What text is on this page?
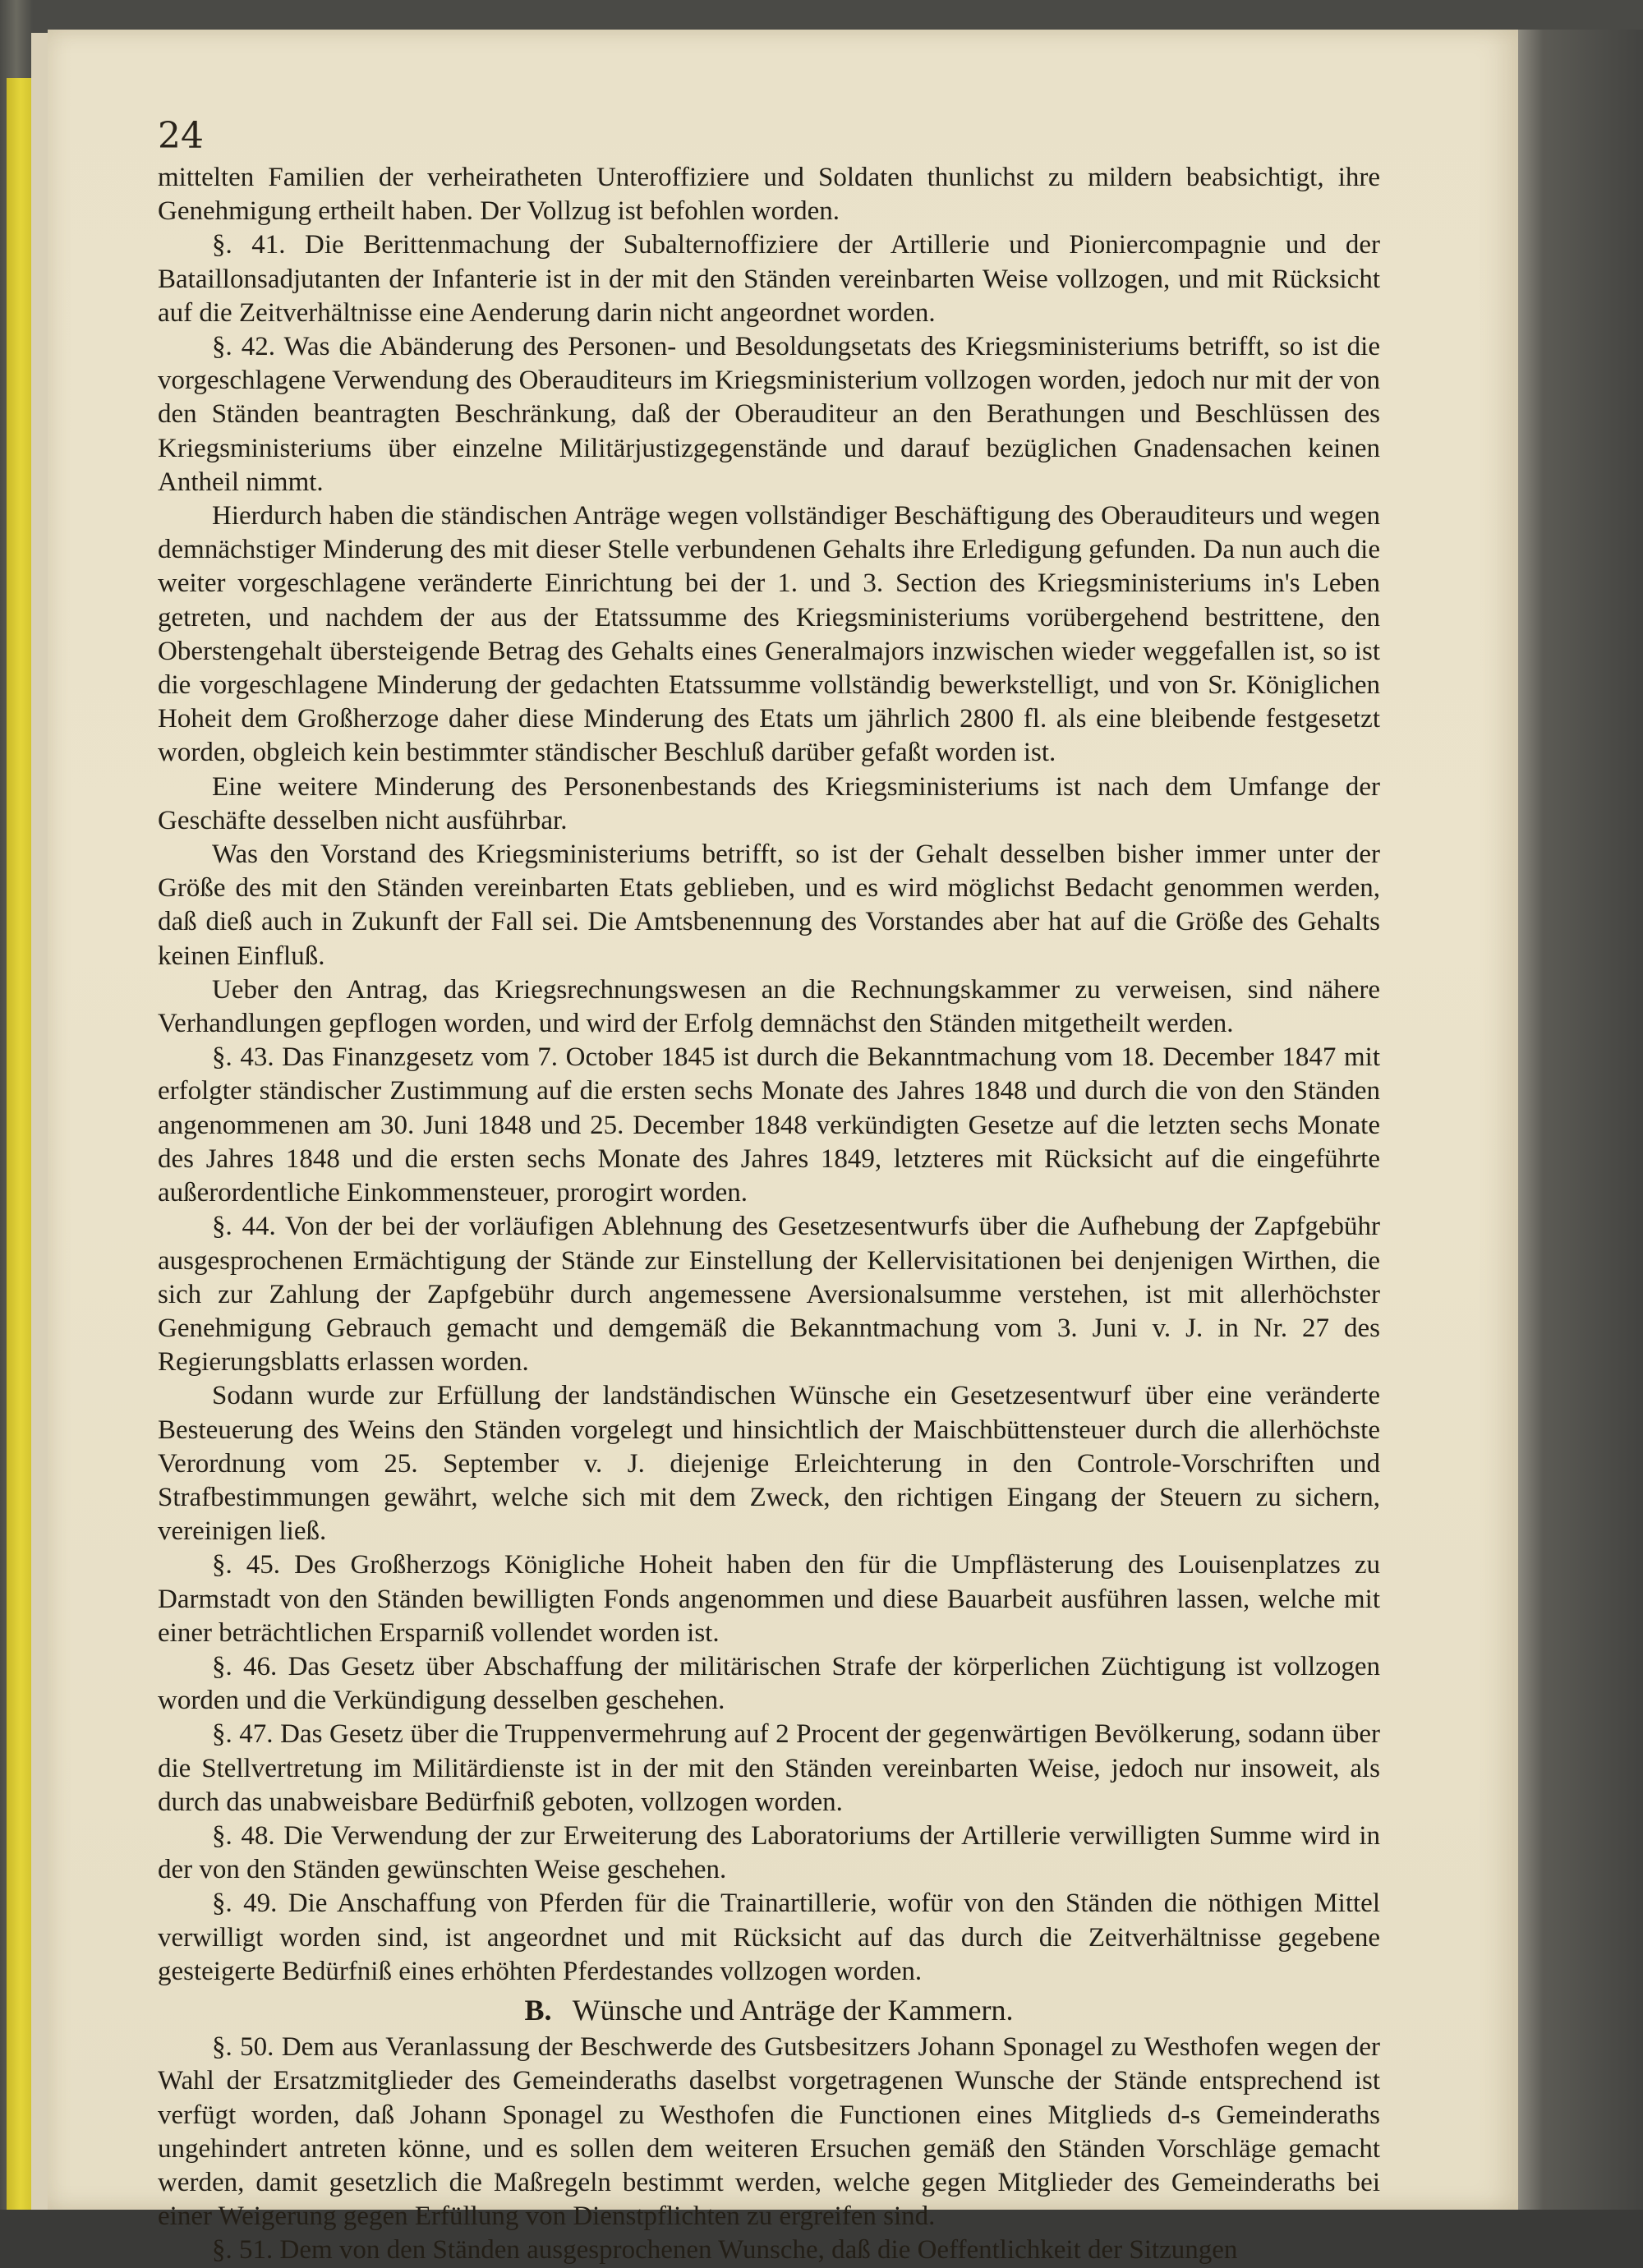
24

mittelten Familien der verheiratheten Unteroffiziere und Soldaten thunlichst zu mildern beabsichtigt, ihre Genehmigung ertheilt haben. Der Vollzug ist befohlen worden.

§. 41. Die Berittenmachung der Subalternoffiziere der Artillerie und Pioniercompagnie und der Bataillonsadjutanten der Infanterie ist in der mit den Ständen vereinbarten Weise vollzogen, und mit Rücksicht auf die Zeitverhältnisse eine Aenderung darin nicht angeordnet worden.

§. 42. Was die Abänderung des Personen- und Besoldungsetats des Kriegsministeriums betrifft, so ist die vorgeschlagene Verwendung des Oberauditeurs im Kriegsministerium vollzogen worden, jedoch nur mit der von den Ständen beantragten Beschränkung, daß der Oberauditeur an den Berathungen und Beschlüssen des Kriegsministeriums über einzelne Militärjustizgegenstände und darauf bezüglichen Gnadensachen keinen Antheil nimmt.

Hierdurch haben die ständischen Anträge wegen vollständiger Beschäftigung des Oberauditeurs und wegen demnächstiger Minderung des mit dieser Stelle verbundenen Gehalts ihre Erledigung gefunden. Da nun auch die weiter vorgeschlagene veränderte Einrichtung bei der 1. und 3. Section des Kriegsministeriums in's Leben getreten, und nachdem der aus der Etatssumme des Kriegsministeriums vorübergehend bestrittene, den Oberstengehalt übersteigende Betrag des Gehalts eines Generalmajors inzwischen wieder weggefallen ist, so ist die vorgeschlagene Minderung der gedachten Etatssumme vollständig bewerkstelligt, und von Sr. Königlichen Hoheit dem Großherzoge daher diese Minderung des Etats um jährlich 2800 fl. als eine bleibende festgesetzt worden, obgleich kein bestimmter ständischer Beschluß darüber gefaßt worden ist.

Eine weitere Minderung des Personenbestands des Kriegsministeriums ist nach dem Umfange der Geschäfte desselben nicht ausführbar.

Was den Vorstand des Kriegsministeriums betrifft, so ist der Gehalt desselben bisher immer unter der Größe des mit den Ständen vereinbarten Etats geblieben, und es wird möglichst Bedacht genommen werden, daß dieß auch in Zukunft der Fall sei. Die Amtsbenennung des Vorstandes aber hat auf die Größe des Gehalts keinen Einfluß.

Ueber den Antrag, das Kriegsrechnungswesen an die Rechnungskammer zu verweisen, sind nähere Verhandlungen gepflogen worden, und wird der Erfolg demnächst den Ständen mitgetheilt werden.

§. 43. Das Finanzgesetz vom 7. October 1845 ist durch die Bekanntmachung vom 18. December 1847 mit erfolgter ständischer Zustimmung auf die ersten sechs Monate des Jahres 1848 und durch die von den Ständen angenommenen am 30. Juni 1848 und 25. December 1848 verkündigten Gesetze auf die letzten sechs Monate des Jahres 1848 und die ersten sechs Monate des Jahres 1849, letzteres mit Rücksicht auf die eingeführte außerordentliche Einkommensteuer, prorogirt worden.

§. 44. Von der bei der vorläufigen Ablehnung des Gesetzesentwurfs über die Aufhebung der Zapfgebühr ausgesprochenen Ermächtigung der Stände zur Einstellung der Kellervisitationen bei denjenigen Wirthen, die sich zur Zahlung der Zapfgebühr durch angemessene Aversionalsumme verstehen, ist mit allerhöchster Genehmigung Gebrauch gemacht und demgemäß die Bekanntmachung vom 3. Juni v. J. in Nr. 27 des Regierungsblatts erlassen worden.

Sodann wurde zur Erfüllung der landständischen Wünsche ein Gesetzesentwurf über eine veränderte Besteuerung des Weins den Ständen vorgelegt und hinsichtlich der Maischbüttensteuer durch die allerhöchste Verordnung vom 25. September v. J. diejenige Erleichterung in den Controle-Vorschriften und Strafbestimmungen gewährt, welche sich mit dem Zweck, den richtigen Eingang der Steuern zu sichern, vereinigen ließ.

§. 45. Des Großherzogs Königliche Hoheit haben den für die Umpflästerung des Louisenplatzes zu Darmstadt von den Ständen bewilligten Fonds angenommen und diese Bauarbeit ausführen lassen, welche mit einer beträchtlichen Ersparniß vollendet worden ist.

§. 46. Das Gesetz über Abschaffung der militärischen Strafe der körperlichen Züchtigung ist vollzogen worden und die Verkündigung desselben geschehen.

§. 47. Das Gesetz über die Truppenvermehrung auf 2 Procent der gegenwärtigen Bevölkerung, sodann über die Stellvertretung im Militärdienste ist in der mit den Ständen vereinbarten Weise, jedoch nur insoweit, als durch das unabweisbare Bedürfniß geboten, vollzogen worden.

§. 48. Die Verwendung der zur Erweiterung des Laboratoriums der Artillerie verwilligten Summe wird in der von den Ständen gewünschten Weise geschehen.

§. 49. Die Anschaffung von Pferden für die Trainartillerie, wofür von den Ständen die nöthigen Mittel verwilligt worden sind, ist angeordnet und mit Rücksicht auf das durch die Zeitverhältnisse gegebene gesteigerte Bedürfniß eines erhöhten Pferdestandes vollzogen worden.

B. Wünsche und Anträge der Kammern.

§. 50. Dem aus Veranlassung der Beschwerde des Gutsbesitzers Johann Sponagel zu Westhofen wegen der Wahl der Ersatzmitglieder des Gemeinderaths daselbst vorgetragenen Wunsche der Stände entsprechend ist verfügt worden, daß Johann Sponagel zu Westhofen die Functionen eines Mitglieds d-s Gemeinderaths ungehindert antreten könne, und es sollen dem weiteren Ersuchen gemäß den Ständen Vorschläge gemacht werden, damit gesetzlich die Maßregeln bestimmt werden, welche gegen Mitglieder des Gemeinderaths bei einer Weigerung gegen Erfüllung von Dienstpflichten zu ergreifen sind.

§. 51. Dem von den Ständen ausgesprochenen Wunsche, daß die Oeffentlichkeit der Sitzungen
